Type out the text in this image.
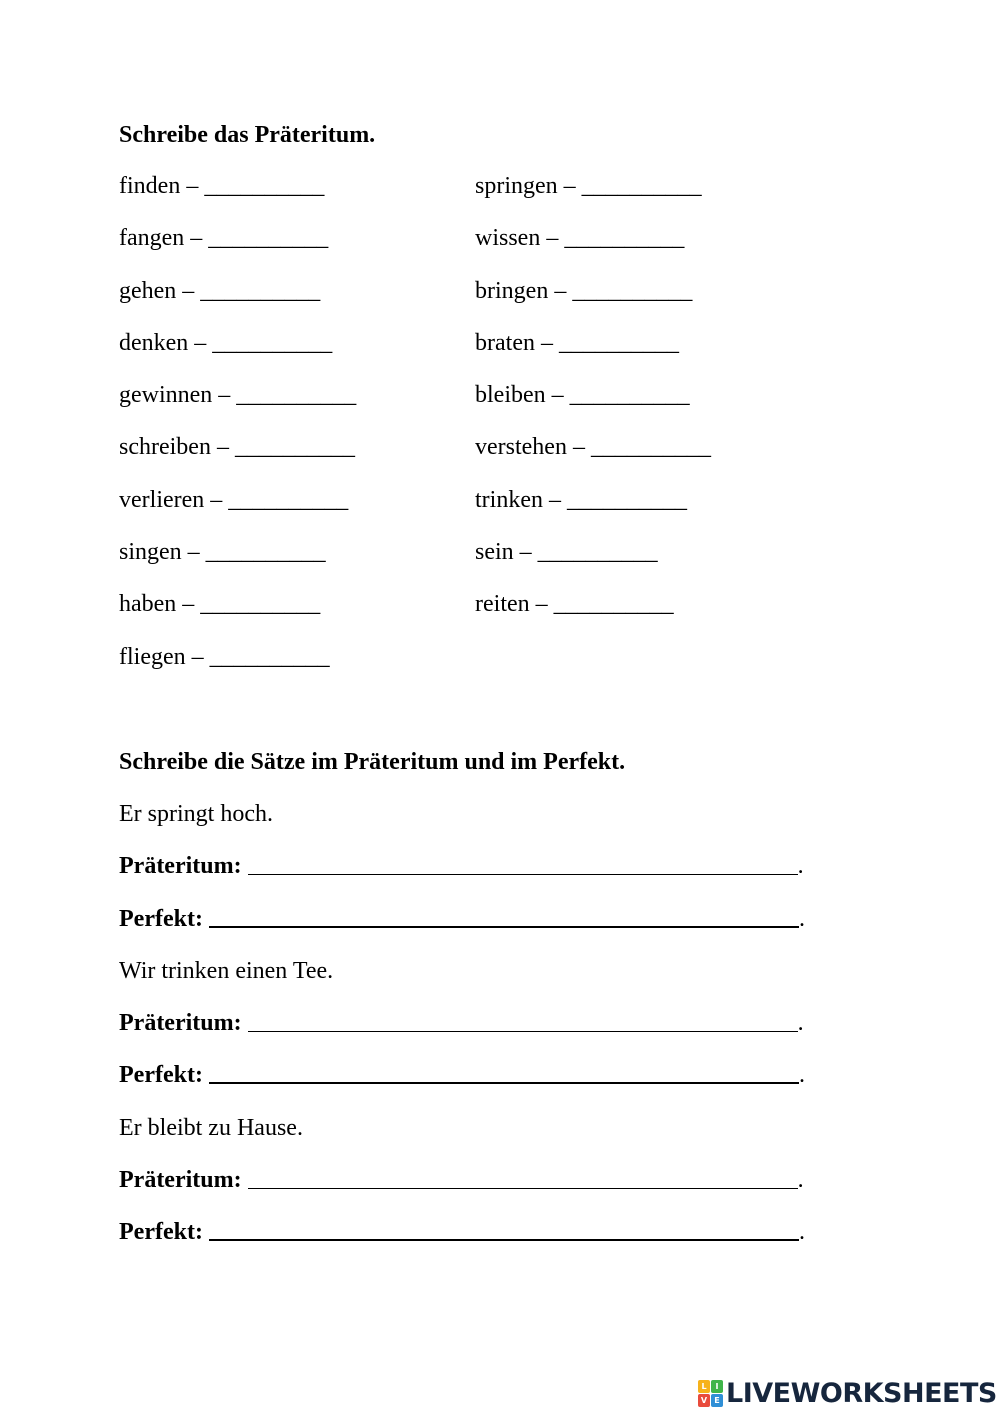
Schreibe das Präteritum.
finden – __________	springen – __________
fangen – __________	wissen – __________
gehen – __________	bringen – __________
denken – __________	braten – __________
gewinnen – __________	bleiben – __________
schreiben – __________	verstehen – __________
verlieren – __________	trinken – __________
singen – __________	sein – __________
haben – __________	reiten – __________
fliegen – __________
Schreibe die Sätze im Präteritum und im Perfekt.
Er springt hoch.
Präteritum:	.
Perfekt:	.
Wir trinken einen Tee.
Präteritum:	.
Perfekt:	.
Er bleibt zu Hause.
Präteritum:	.
Perfekt:	.
L	I
V E LIVEWORKSHEETS
